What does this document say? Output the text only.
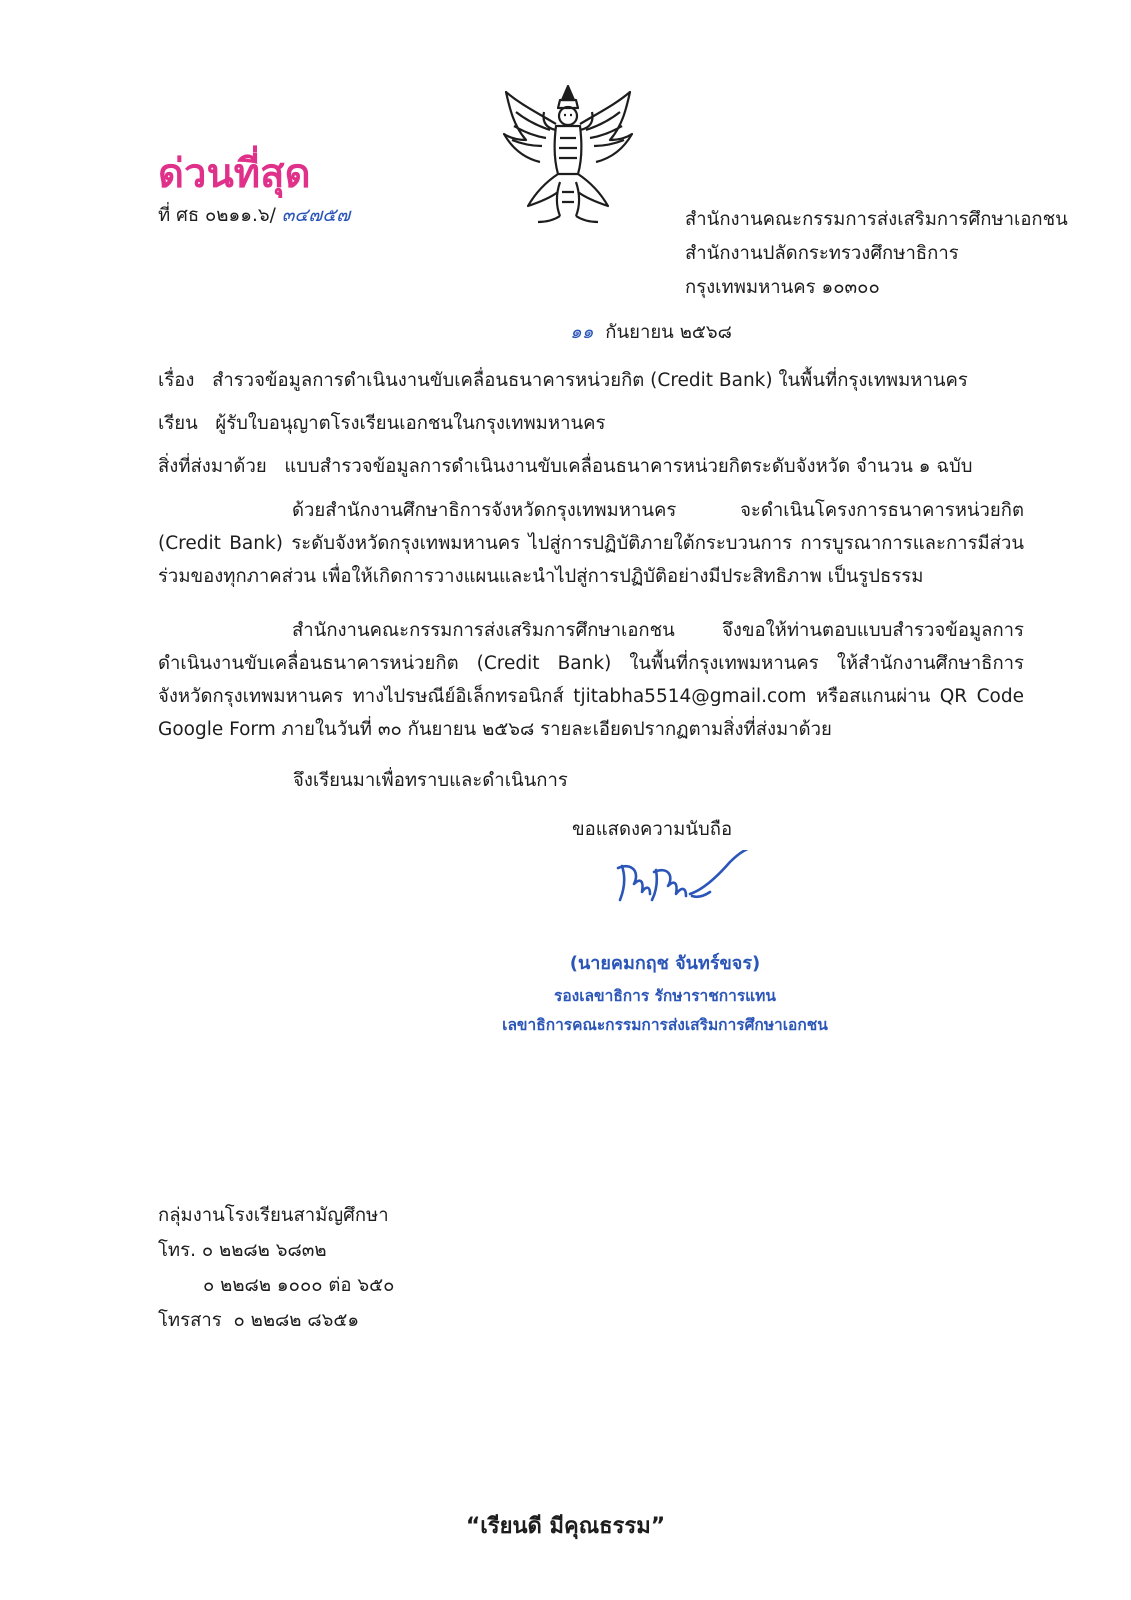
ด่วนที่สุด
ที่ ศธ ๐๒๑๑.๖/ ๓๔๗๕๗	สำนักงานคณะกรรมการส่งเสริมการศึกษาเอกชน
สำนักงานปลัดกระทรวงศึกษาธิการ
กรุงเทพมหานคร ๑๐๓๐๐
๑๑ กันยายน ๒๕๖๘
เรื่อง สำรวจข้อมูลการดำเนินงานขับเคลื่อนธนาคารหน่วยกิต (Credit Bank) ในพื้นที่กรุงเทพมหานคร
เรียน ผู้รับใบอนุญาตโรงเรียนเอกชนในกรุงเทพมหานคร
สิ่งที่ส่งมาด้วย แบบสำรวจข้อมูลการดำเนินงานขับเคลื่อนธนาคารหน่วยกิตระดับจังหวัด จำนวน ๑ ฉบับ
ด้วยสำนักงานศึกษาธิการจังหวัดกรุงเทพมหานคร จะดำเนินโครงการธนาคารหน่วยกิต (Credit Bank) ระดับจังหวัดกรุงเทพมหานคร ไปสู่การปฏิบัติภายใต้กระบวนการ การบูรณาการและการมีส่วนร่วมของทุกภาคส่วน เพื่อให้เกิดการวางแผนและนำไปสู่การปฏิบัติอย่างมีประสิทธิภาพ เป็นรูปธรรม
สำนักงานคณะกรรมการส่งเสริมการศึกษาเอกชน จึงขอให้ท่านตอบแบบสำรวจข้อมูลการดำเนินงานขับเคลื่อนธนาคารหน่วยกิต (Credit Bank) ในพื้นที่กรุงเทพมหานคร ให้สำนักงานศึกษาธิการจังหวัดกรุงเทพมหานคร ทางไปรษณีย์อิเล็กทรอนิกส์ tjitabha5514@gmail.com หรือสแกนผ่าน QR Code Google Form ภายในวันที่ ๓๐ กันยายน ๒๕๖๘ รายละเอียดปรากฏตามสิ่งที่ส่งมาด้วย
จึงเรียนมาเพื่อทราบและดำเนินการ
ขอแสดงความนับถือ
(นายคมกฤช จันทร์ขจร)
รองเลขาธิการ รักษาราชการแทน
เลขาธิการคณะกรรมการส่งเสริมการศึกษาเอกชน
กลุ่มงานโรงเรียนสามัญศึกษา
โทร. ๐ ๒๒๘๒ ๖๘๓๒
๐ ๒๒๘๒ ๑๐๐๐ ต่อ ๖๕๐
โทรสาร ๐ ๒๒๘๒ ๘๖๕๑
“เรียนดี มีคุณธรรม”
